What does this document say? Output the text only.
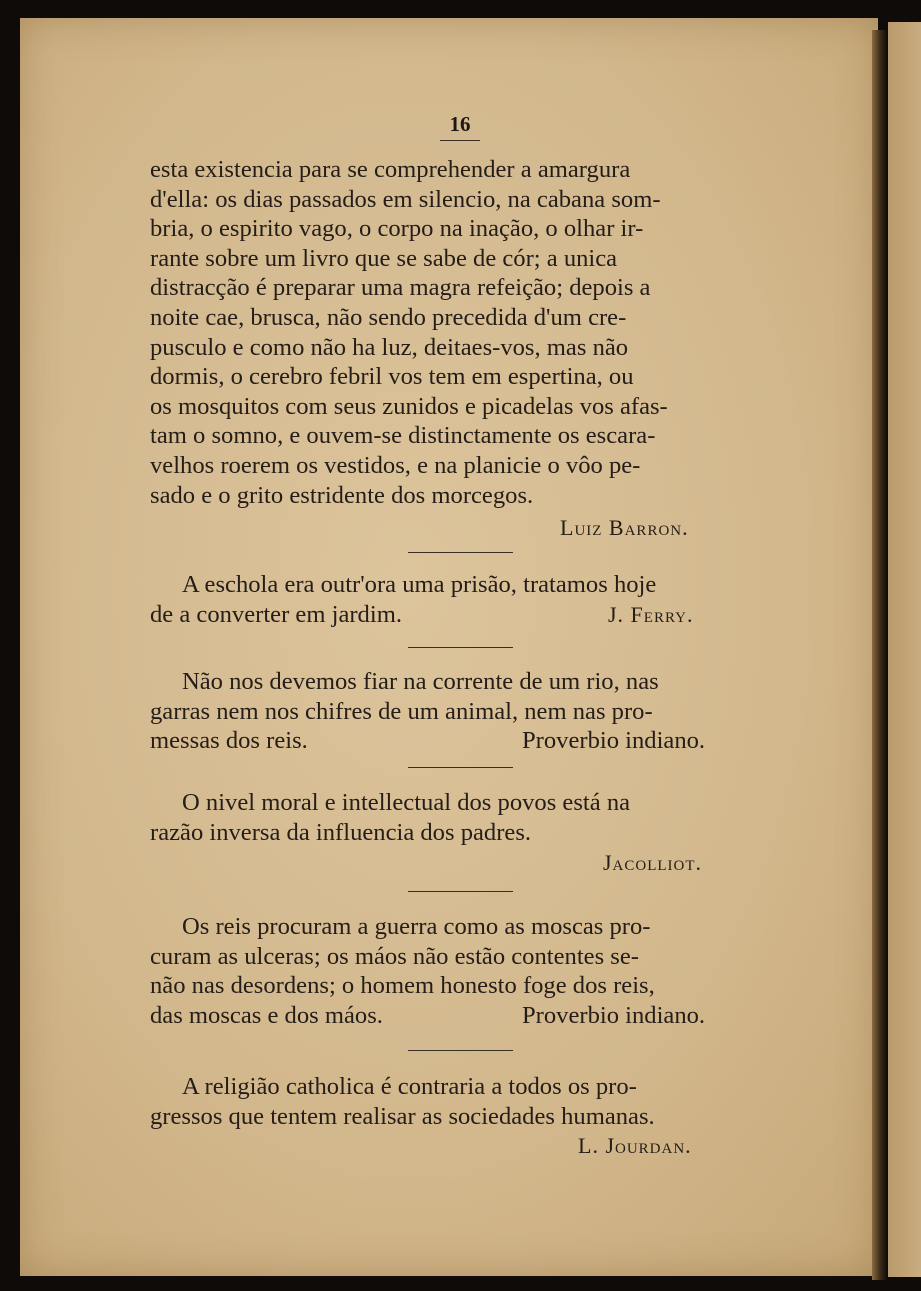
16
esta existencia para se comprehender a amargura
d'ella: os dias passados em silencio, na cabana som-
bria, o espirito vago, o corpo na inação, o olhar ir-
rante sobre um livro que se sabe de cór; a unica
distracção é preparar uma magra refeição; depois a
noite cae, brusca, não sendo precedida d'um cre-
pusculo e como não ha luz, deitaes-vos, mas não
dormis, o cerebro febril vos tem em espertina, ou
os mosquitos com seus zunidos e picadelas vos afas-
tam o somno, e ouvem-se distinctamente os escara-
velhos roerem os vestidos, e na planicie o vôo pe-
sado e o grito estridente dos morcegos.
Luiz Barron.
A eschola era outr'ora uma prisão, tratamos hoje
de a converter em jardim.	J. Ferry.
Não nos devemos fiar na corrente de um rio, nas
garras nem nos chifres de um animal, nem nas pro-
messas dos reis.	Proverbio indiano.
O nivel moral e intellectual dos povos está na
razão inversa da influencia dos padres.
Jacolliot.
Os reis procuram a guerra como as moscas pro-
curam as ulceras; os máos não estão contentes se-
não nas desordens; o homem honesto foge dos reis,
das moscas e dos máos.	Proverbio indiano.
A religião catholica é contraria a todos os pro-
gressos que tentem realisar as sociedades humanas.
L. Jourdan.
